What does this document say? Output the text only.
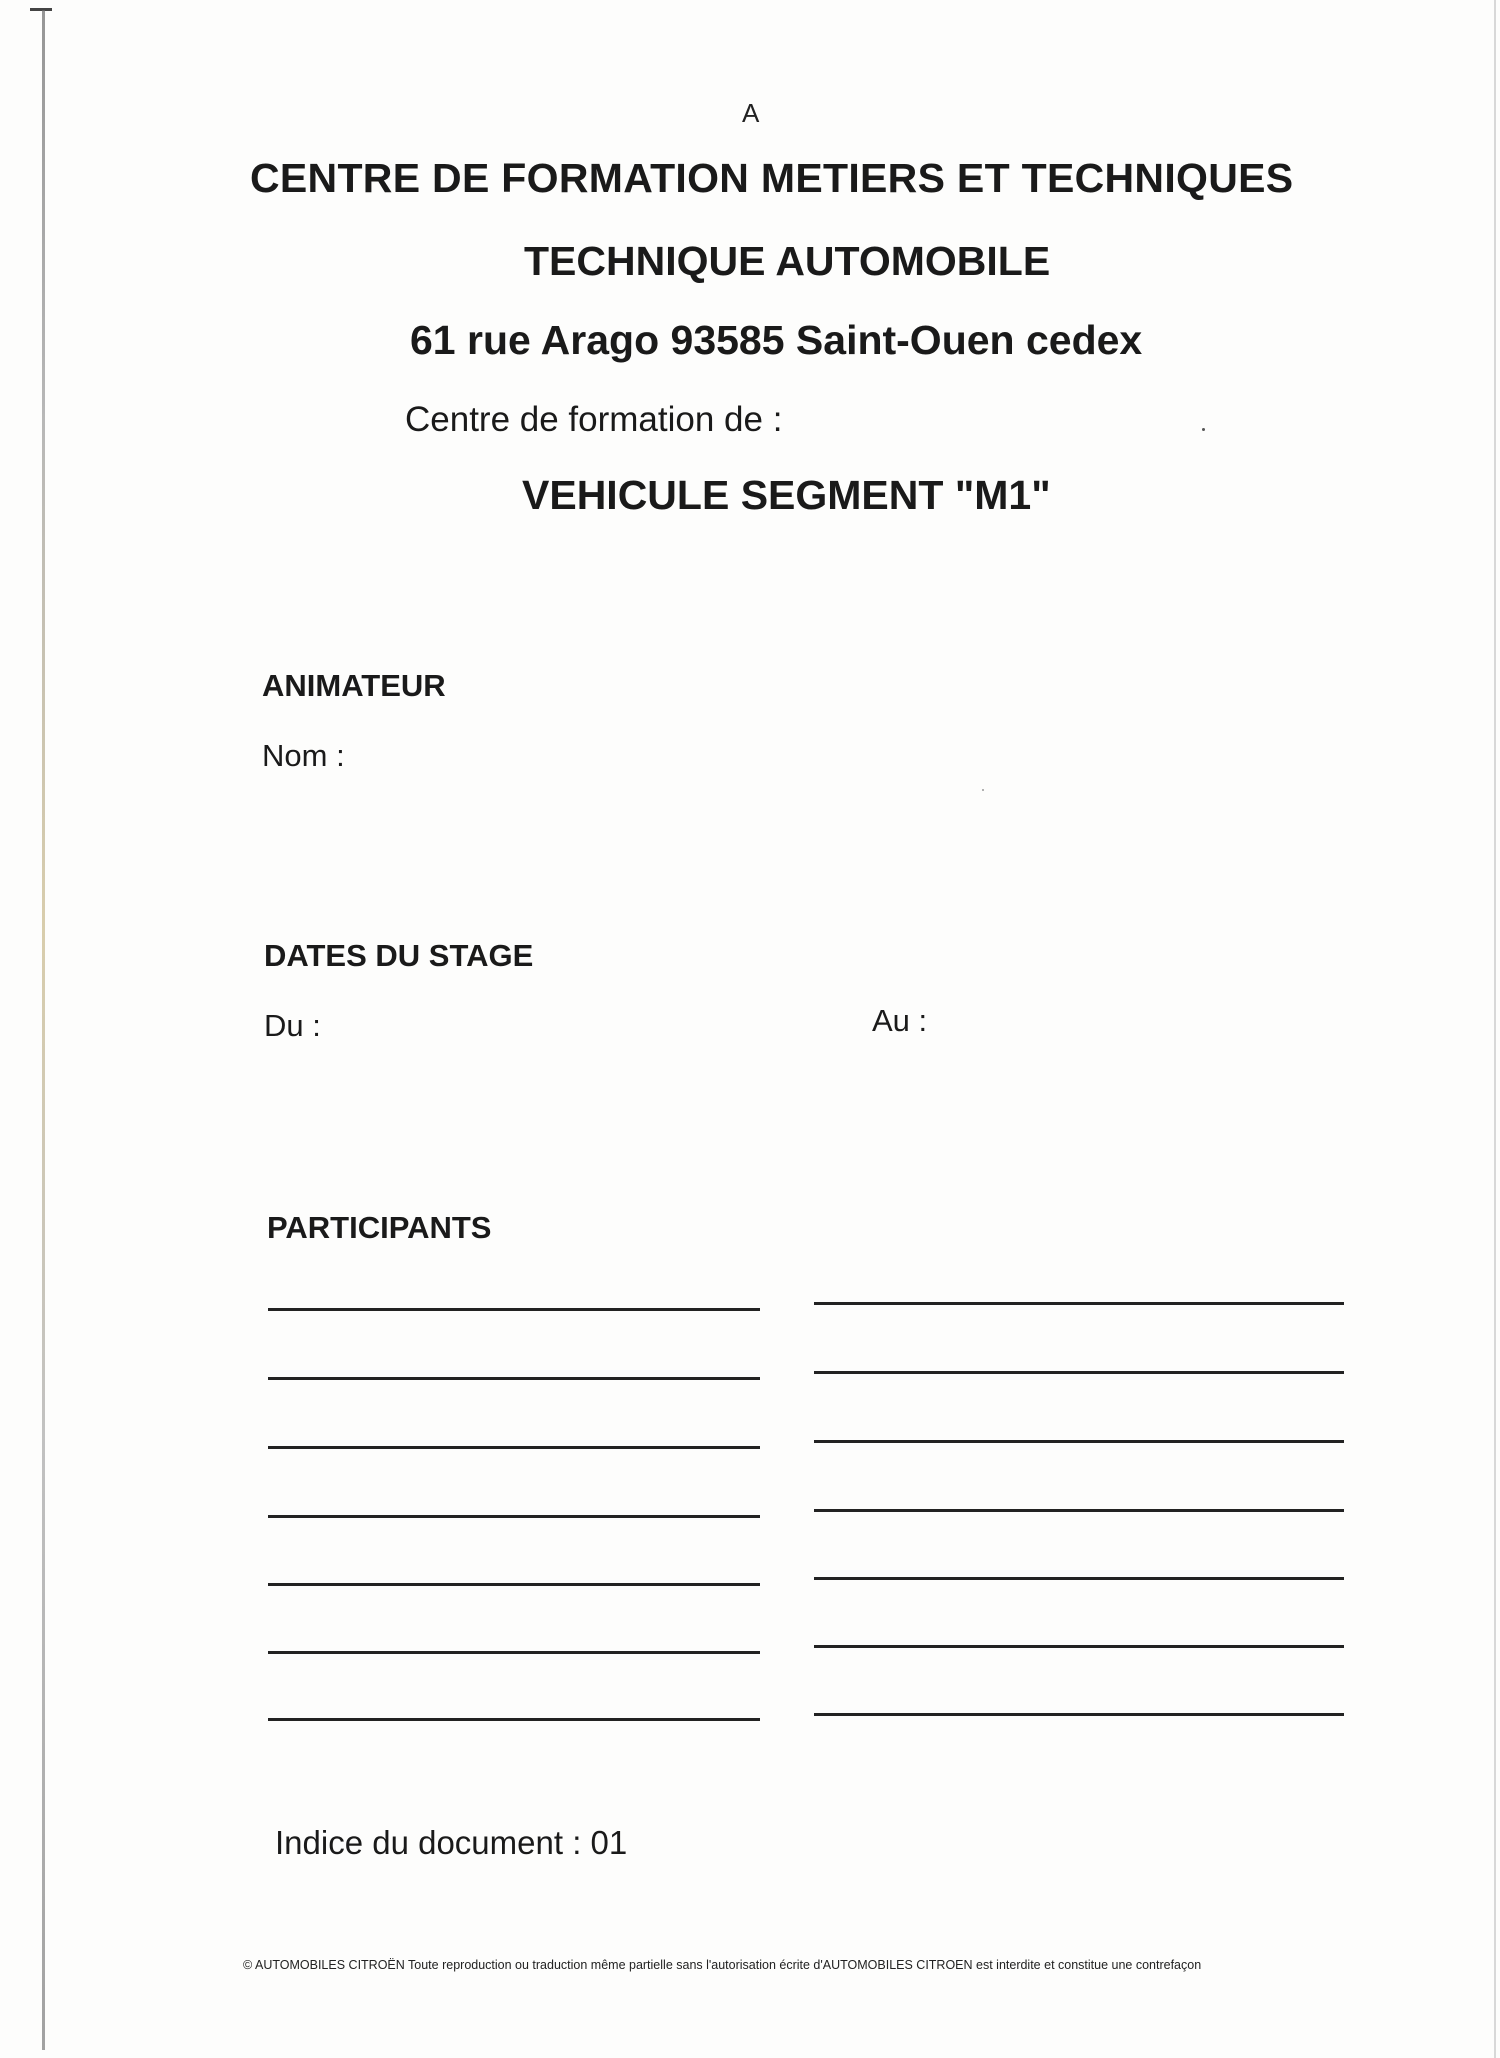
A
CENTRE DE FORMATION METIERS ET TECHNIQUES
TECHNIQUE AUTOMOBILE
61 rue Arago 93585 Saint-Ouen cedex
Centre de formation de :
VEHICULE SEGMENT "M1"
ANIMATEUR
Nom :
DATES DU STAGE
Du :	Au :
PARTICIPANTS
Indice du document : 01
© AUTOMOBILES CITROËN Toute reproduction ou traduction même partielle sans l'autorisation écrite d'AUTOMOBILES CITROEN est interdite et constitue une contrefaçon
